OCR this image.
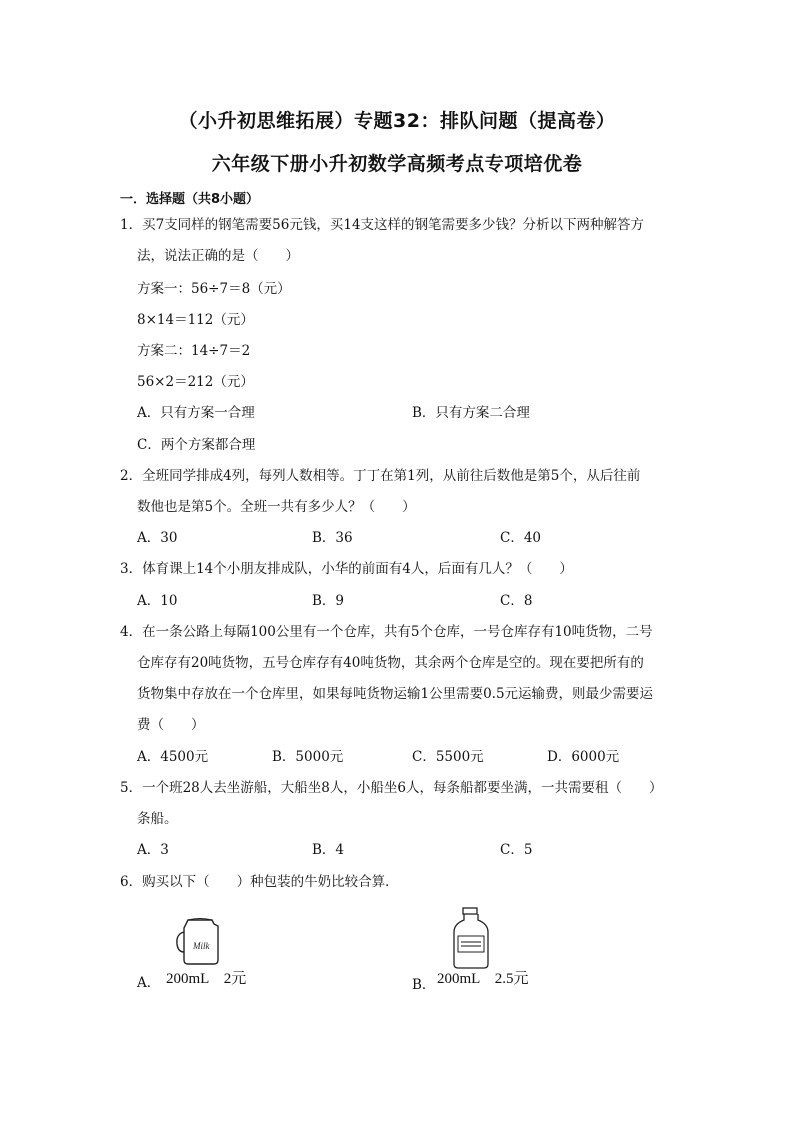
（小升初思维拓展）专题32：排队问题（提高卷）
六年级下册小升初数学高频考点专项培优卷
一．选择题（共8小题）
1．买7支同样的钢笔需要56元钱，买14支这样的钢笔需要多少钱？分析以下两种解答方
法，说法正确的是（　　）
方案一：56÷7＝8（元）
8×14＝112（元）
方案二：14÷7＝2
56×2＝212（元）
A．只有方案一合理	B．只有方案二合理
C．两个方案都合理
2．全班同学排成4列，每列人数相等。丁丁在第1列，从前往后数他是第5个，从后往前
数他也是第5个。全班一共有多少人？（　　）
A．30	B．36	C．40
3．体育课上14个小朋友排成队，小华的前面有4人，后面有几人？（　　）
A．10	B．9	C．8
4．在一条公路上每隔100公里有一个仓库，共有5个仓库，一号仓库存有10吨货物，二号
仓库存有20吨货物，五号仓库存有40吨货物，其余两个仓库是空的。现在要把所有的
货物集中存放在一个仓库里，如果每吨货物运输1公里需要0.5元运输费，则最少需要运
费（　　）
A．4500元	B．5000元	C．5500元	D．6000元
5．一个班28人去坐游船，大船坐8人，小船坐6人，每条船都要坐满，一共需要租（　　）
条船。
A．3	B．4	C．5
6．购买以下（　　）种包装的牛奶比较合算．
Milk
A． 200mL　2元	B． 200mL　2.5元
